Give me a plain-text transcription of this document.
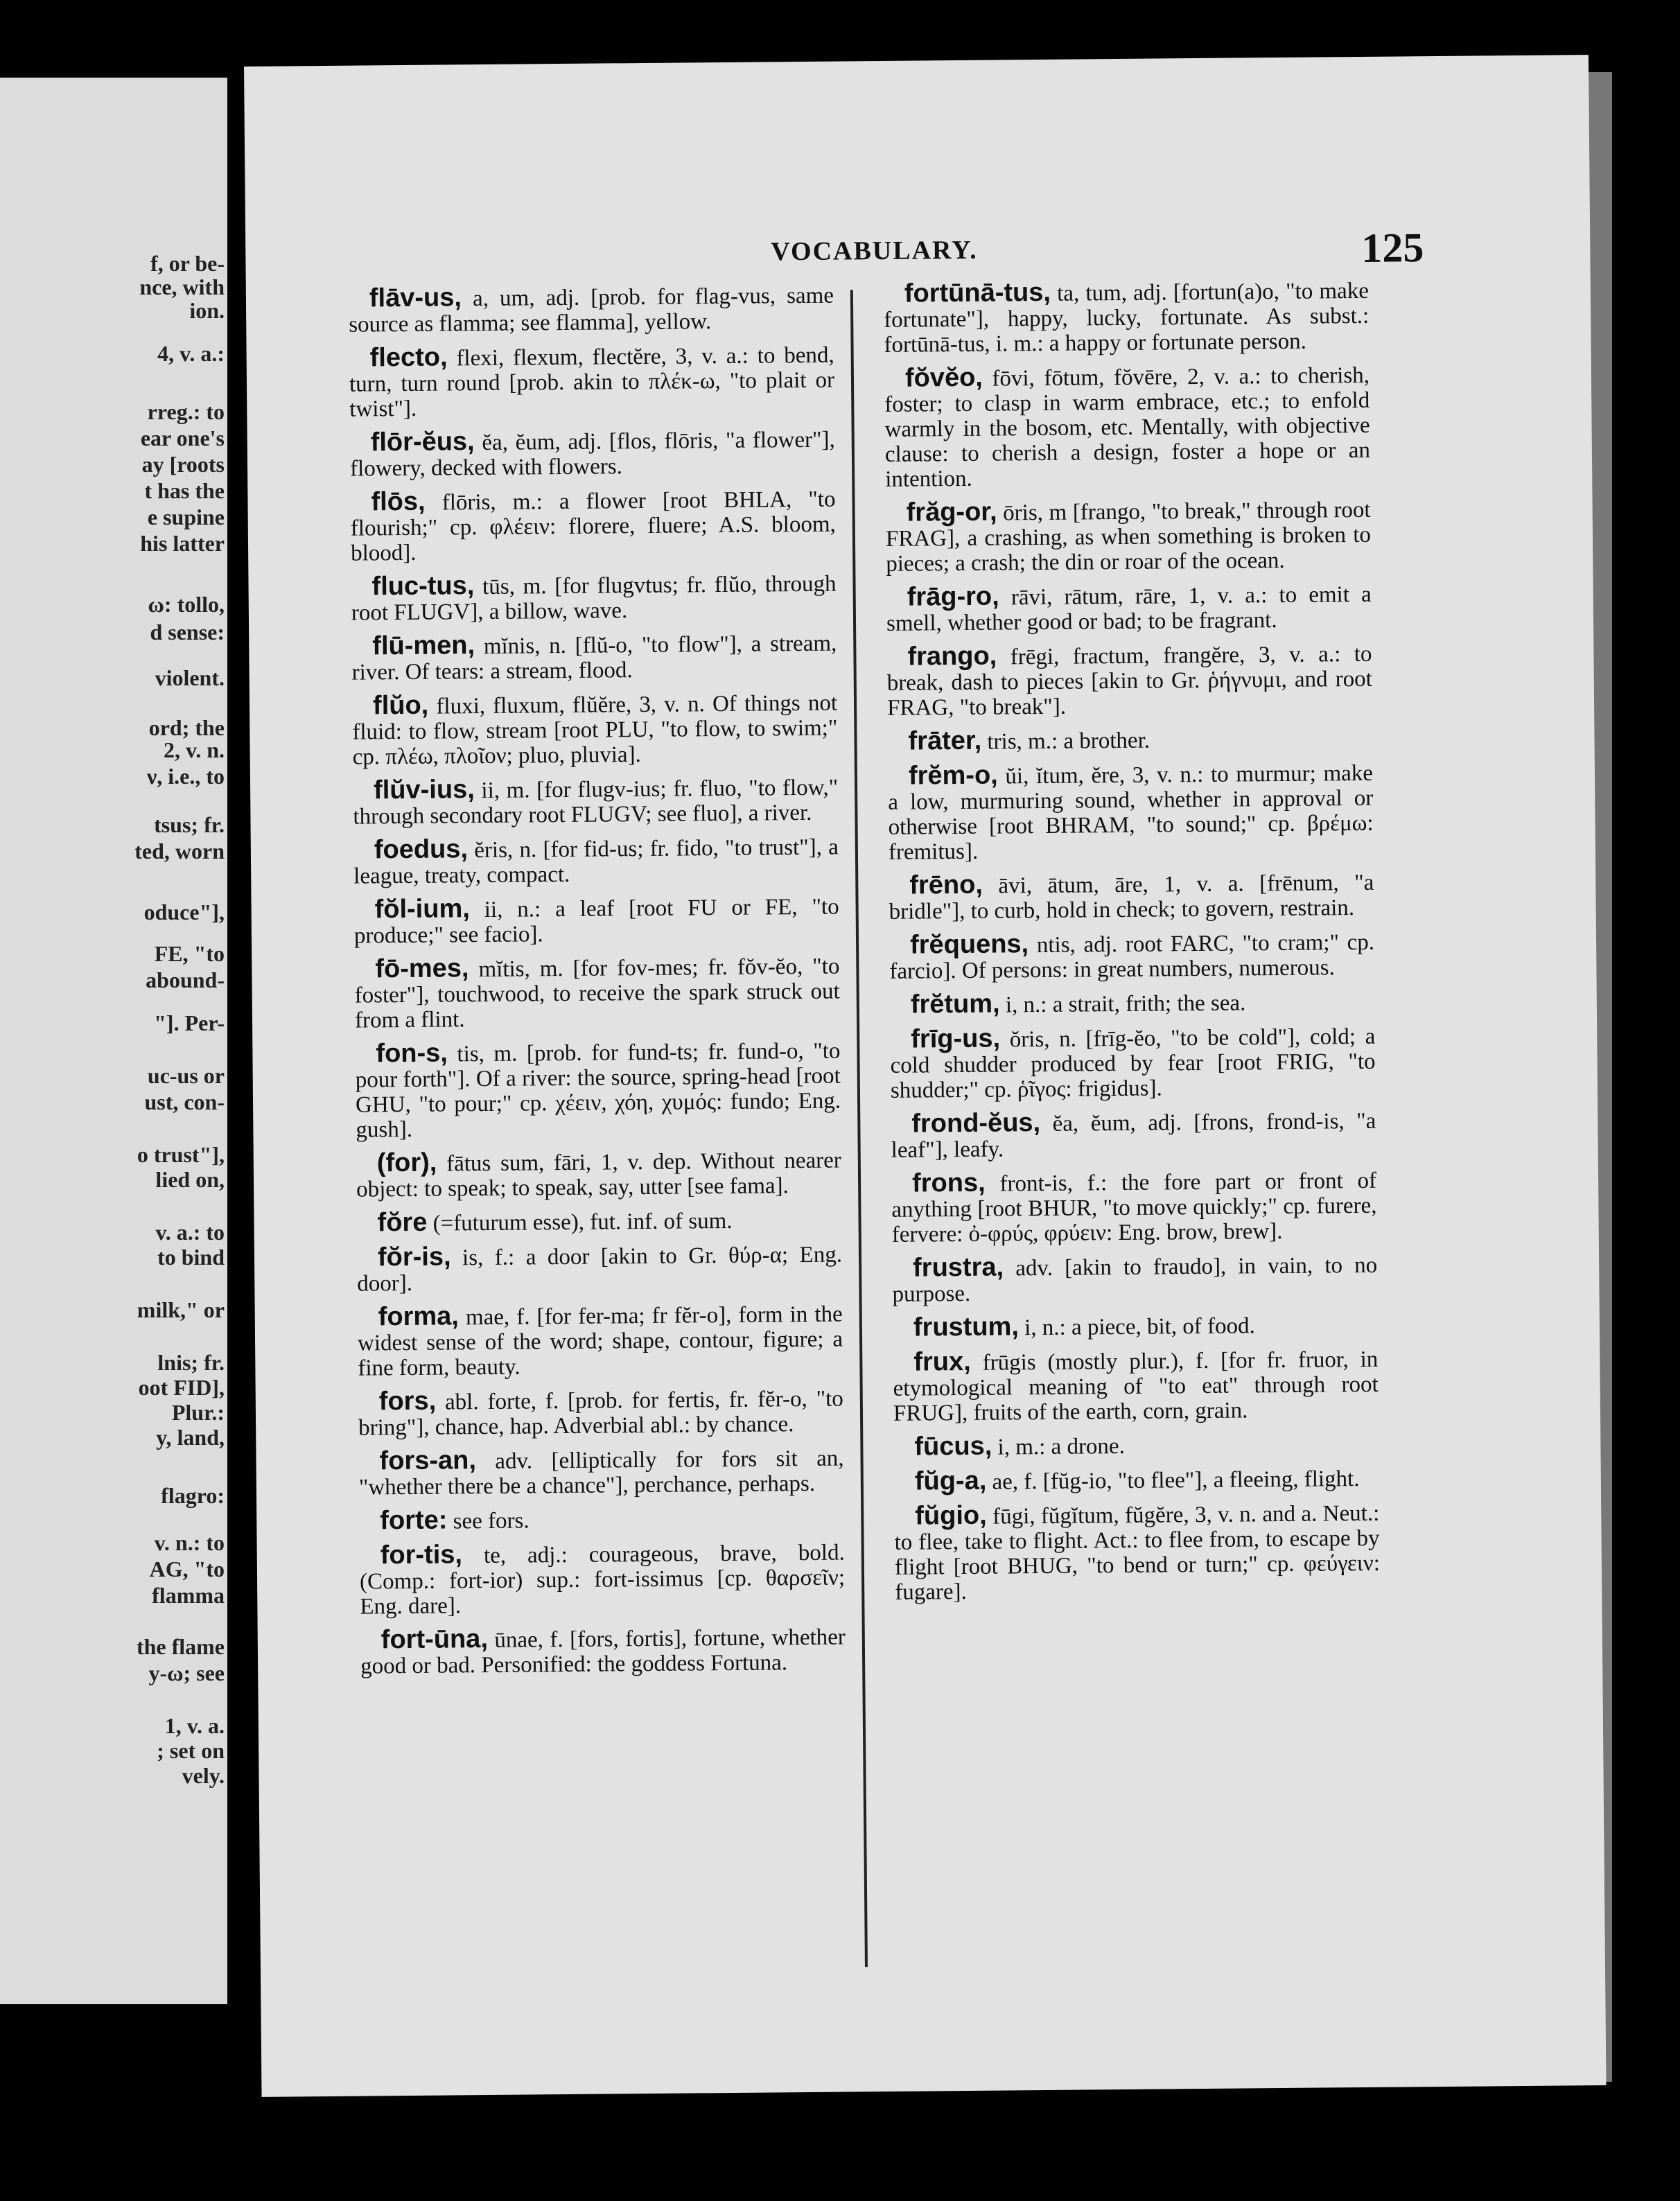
f, or be-
nce, with
ion.
4, v. a.:
rreg.: to
ear one's
ay [roots
t has the
e supine
his latter
ω: tollo,
d sense:
violent.
ord; the
2, v. n.
ν, i.e., to
tsus; fr.
ted, worn
oduce"],
FE, "to
abound-
"]. Per-
uc-us or
ust, con-
o trust"],
lied on,
v. a.: to
to bind
milk," or
lnis; fr.
oot FID],
Plur.:
y, land,
flagro:
v. n.: to
AG, "to
flamma
the flame
y-ω; see
1, v. a.
; set on
vely.
VOCABULARY.	125

flāv-us, a, um, adj. [prob. for flag-vus, same source as flamma; see flamma], yellow.

flecto, flexi, flexum, flectĕre, 3, v. a.: to bend, turn, turn round [prob. akin to πλέκ-ω, "to plait or twist"].

flōr-ĕus, ĕa, ĕum, adj. [flos, flōris, "a flower"], flowery, decked with flowers.

flōs, flōris, m.: a flower [root BHLA, "to flourish;" cp. φλέειν: florere, fluere; A.S. bloom, blood].

fluc-tus, tūs, m. [for flugvtus; fr. flŭo, through root FLUGV], a billow, wave.

flū-men, mĭnis, n. [flŭ-o, "to flow"], a stream, river. Of tears: a stream, flood.

flŭo, fluxi, fluxum, flŭĕre, 3, v. n. Of things not fluid: to flow, stream [root PLU, "to flow, to swim;" cp. πλέω, πλοῖον; pluo, pluvia].

flŭv-ius, ii, m. [for flugv-ius; fr. fluo, "to flow," through secondary root FLUGV; see fluo], a river.

foedus, ĕris, n. [for fid-us; fr. fido, "to trust"], a league, treaty, compact.

fŏl-ium, ii, n.: a leaf [root FU or FE, "to produce;" see facio].

fō-mes, mĭtis, m. [for fov-mes; fr. fŏv-ĕo, "to foster"], touchwood, to receive the spark struck out from a flint.

fon-s, tis, m. [prob. for fund-ts; fr. fund-o, "to pour forth"]. Of a river: the source, spring-head [root GHU, "to pour;" cp. χέειν, χόη, χυμός: fundo; Eng. gush].

(for), fātus sum, fāri, 1, v. dep. Without nearer object: to speak; to speak, say, utter [see fama].

fŏre (=futurum esse), fut. inf. of sum.

fŏr-is, is, f.: a door [akin to Gr. θύρ-α; Eng. door].

forma, mae, f. [for fer-ma; fr fĕr-o], form in the widest sense of the word; shape, contour, figure; a fine form, beauty.

fors, abl. forte, f. [prob. for fertis, fr. fĕr-o, "to bring"], chance, hap. Adverbial abl.: by chance.

fors-an, adv. [elliptically for fors sit an, "whether there be a chance"], perchance, perhaps.

forte: see fors.

for-tis, te, adj.: courageous, brave, bold. (Comp.: fort-ior) sup.: fort-issimus [cp. θαρσεῖν; Eng. dare].

fort-ūna, ūnae, f. [fors, fortis], fortune, whether good or bad. Personified: the goddess Fortuna.

fortūnā-tus, ta, tum, adj. [fortun(a)o, "to make fortunate"], happy, lucky, fortunate. As subst.: fortūnā-tus, i. m.: a happy or fortunate person.

fŏvĕo, fōvi, fōtum, fŏvēre, 2, v. a.: to cherish, foster; to clasp in warm embrace, etc.; to enfold warmly in the bosom, etc. Mentally, with objective clause: to cherish a design, foster a hope or an intention.

frăg-or, ōris, m [frango, "to break," through root FRAG], a crashing, as when something is broken to pieces; a crash; the din or roar of the ocean.

frāg-ro, rāvi, rātum, rāre, 1, v. a.: to emit a smell, whether good or bad; to be fragrant.

frango, frēgi, fractum, frangĕre, 3, v. a.: to break, dash to pieces [akin to Gr. ῥήγνυμι, and root FRAG, "to break"].

frāter, tris, m.: a brother.

frĕm-o, ŭi, ĭtum, ĕre, 3, v. n.: to murmur; make a low, murmuring sound, whether in approval or otherwise [root BHRAM, "to sound;" cp. βρέμω: fremitus].

frēno, āvi, ātum, āre, 1, v. a. [frēnum, "a bridle"], to curb, hold in check; to govern, restrain.

frĕquens, ntis, adj. root FARC, "to cram;" cp. farcio]. Of persons: in great numbers, numerous.

frĕtum, i, n.: a strait, frith; the sea.

frīg-us, ŏris, n. [frīg-ĕo, "to be cold"], cold; a cold shudder produced by fear [root FRIG, "to shudder;" cp. ῥῖγος: frigidus].

frond-ĕus, ĕa, ĕum, adj. [frons, frond-is, "a leaf"], leafy.

frons, front-is, f.: the fore part or front of anything [root BHUR, "to move quickly;" cp. furere, fervere: ὀ-φρύς, φρύειν: Eng. brow, brew].

frustra, adv. [akin to fraudo], in vain, to no purpose.

frustum, i, n.: a piece, bit, of food.

frux, frūgis (mostly plur.), f. [for fr. fruor, in etymological meaning of "to eat" through root FRUG], fruits of the earth, corn, grain.

fūcus, i, m.: a drone.

fŭg-a, ae, f. [fŭg-io, "to flee"], a fleeing, flight.

fŭgio, fūgi, fŭgĭtum, fŭgĕre, 3, v. n. and a. Neut.: to flee, take to flight. Act.: to flee from, to escape by flight [root BHUG, "to bend or turn;" cp. φεύγειν: fugare].
